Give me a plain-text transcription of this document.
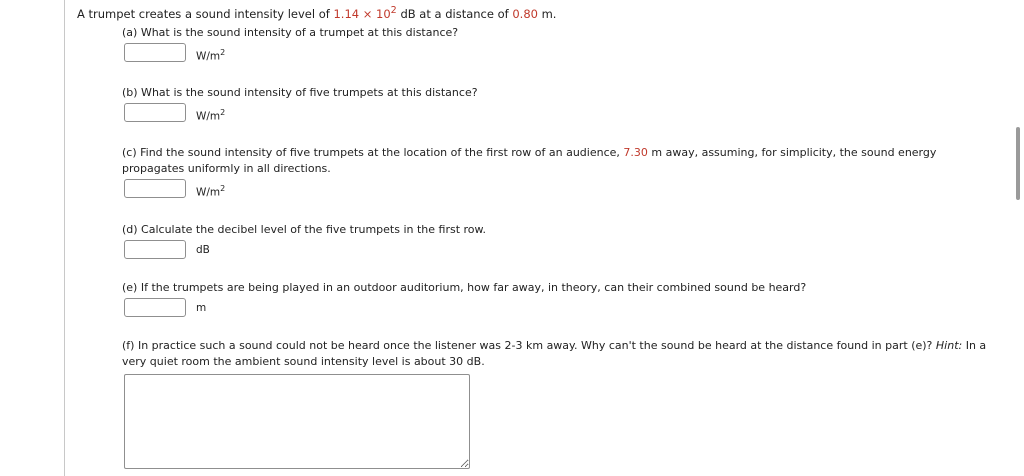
A trumpet creates a sound intensity level of $1.14 \times 10^2$ dB at a distance of 0.80 m.
(a) What is the sound intensity of a trumpet at this distance?
$W/m^2$
(b) What is the sound intensity of five trumpets at this distance?
$W/m^2$
(c) Find the sound intensity of five trumpets at the location of the first row of an audience, 7.30 m away, assuming, for simplicity, the sound energy propagates uniformly in all directions.
$W/m^2$
(d) Calculate the decibel level of the five trumpets in the first row.
dB
(e) If the trumpets are being played in an outdoor auditorium, how far away, in theory, can their combined sound be heard?
m
(f) In practice such a sound could not be heard once the listener was 2-3 km away. Why can't the sound be heard at the distance found in part (e)? Hint: In a very quiet room the ambient sound intensity level is about 30 dB.
